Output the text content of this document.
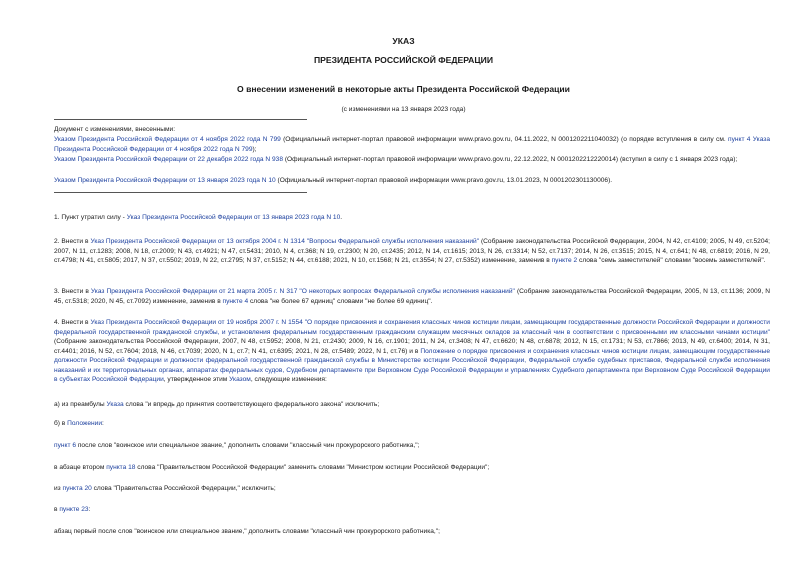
УКАЗ
ПРЕЗИДЕНТА РОССИЙСКОЙ ФЕДЕРАЦИИ
О внесении изменений в некоторые акты Президента Российской Федерации
(с изменениями на 13 января 2023 года)
Документ с изменениями, внесенными:
Указом Президента Российской Федерации от 4 ноября 2022 года N 799 (Официальный интернет-портал правовой информации www.pravo.gov.ru, 04.11.2022, N 0001202211040032) (о порядке вступления в силу см. пункт 4 Указа Президента Российской Федерации от 4 ноября 2022 года N 799);
Указом Президента Российской Федерации от 22 декабря 2022 года N 938 (Официальный интернет-портал правовой информации www.pravo.gov.ru, 22.12.2022, N 0001202212220014) (вступил в силу с 1 января 2023 года);
Указом Президента Российской Федерации от 13 января 2023 года N 10 (Официальный интернет-портал правовой информации www.pravo.gov.ru, 13.01.2023, N 0001202301130006).
1. Пункт утратил силу - Указ Президента Российской Федерации от 13 января 2023 года N 10.
2. Внести в Указ Президента Российской Федерации от 13 октября 2004 г. N 1314 "Вопросы Федеральной службы исполнения наказаний" (Собрание законодательства Российской Федерации, 2004, N 42, ст.4109; 2005, N 49, ст.5204; 2007, N 11, ст.1283; 2008, N 18, ст.2009; N 43, ст.4921; N 47, ст.5431; 2010, N 4, ст.368; N 19, ст.2300; N 20, ст.2435; 2012, N 14, ст.1615; 2013, N 26, ст.3314; N 52, ст.7137; 2014, N 26, ст.3515; 2015, N 4, ст.641; N 48, ст.6819; 2016, N 29, ст.4798; N 41, ст.5805; 2017, N 37, ст.5502; 2019, N 22, ст.2795; N 37, ст.5152; N 44, ст.6188; 2021, N 10, ст.1568; N 21, ст.3554; N 27, ст.5352) изменение, заменив в пункте 2 слова "семь заместителей" словами "восемь заместителей".
3. Внести в Указ Президента Российской Федерации от 21 марта 2005 г. N 317 "О некоторых вопросах Федеральной службы исполнения наказаний" (Собрание законодательства Российской Федерации, 2005, N 13, ст.1136; 2009, N 45, ст.5318; 2020, N 45, ст.7092) изменение, заменив в пункте 4 слова "не более 67 единиц" словами "не более 69 единиц".
4. Внести в Указ Президента Российской Федерации от 19 ноября 2007 г. N 1554 "О порядке присвоения и сохранения классных чинов юстиции лицам, замещающим государственные должности Российской Федерации и должности федеральной государственной гражданской службы, и установления федеральным государственным гражданским служащим месячных окладов за классный чин в соответствии с присвоенными им классными чинами юстиции" (Собрание законодательства Российской Федерации, 2007, N 48, ст.5952; 2008, N 21, ст.2430; 2009, N 16, ст.1901; 2011, N 24, ст.3408; N 47, ст.6620; N 48, ст.6878; 2012, N 15, ст.1731; N 53, ст.7866; 2013, N 49, ст.6400; 2014, N 31, ст.4401; 2016, N 52, ст.7604; 2018, N 46, ст.7039; 2020, N 1, ст.7; N 41, ст.6395; 2021, N 28, ст.5489; 2022, N 1, ст.76) и в Положение о порядке присвоения и сохранения классных чинов юстиции лицам, замещающим государственные должности Российской Федерации и должности федеральной государственной гражданской службы в Министерстве юстиции Российской Федерации, Федеральной службе судебных приставов, Федеральной службе исполнения наказаний и их территориальных органах, аппаратах федеральных судов, Судебном департаменте при Верховном Суде Российской Федерации и управлениях Судебного департамента при Верховном Суде Российской Федерации в субъектах Российской Федерации, утвержденное этим Указом, следующие изменения:
а) из преамбулы Указа слова "и впредь до принятия соответствующего федерального закона" исключить;
б) в Положении:
пункт 6 после слов "воинское или специальное звание," дополнить словами "классный чин прокурорского работника,";
в абзаце втором пункта 18 слова "Правительством Российской Федерации" заменить словами "Министром юстиции Российской Федерации";
из пункта 20 слова "Правительства Российской Федерации," исключить;
в пункте 23:
абзац первый после слов "воинское или специальное звание," дополнить словами "классный чин прокурорского работника,";
